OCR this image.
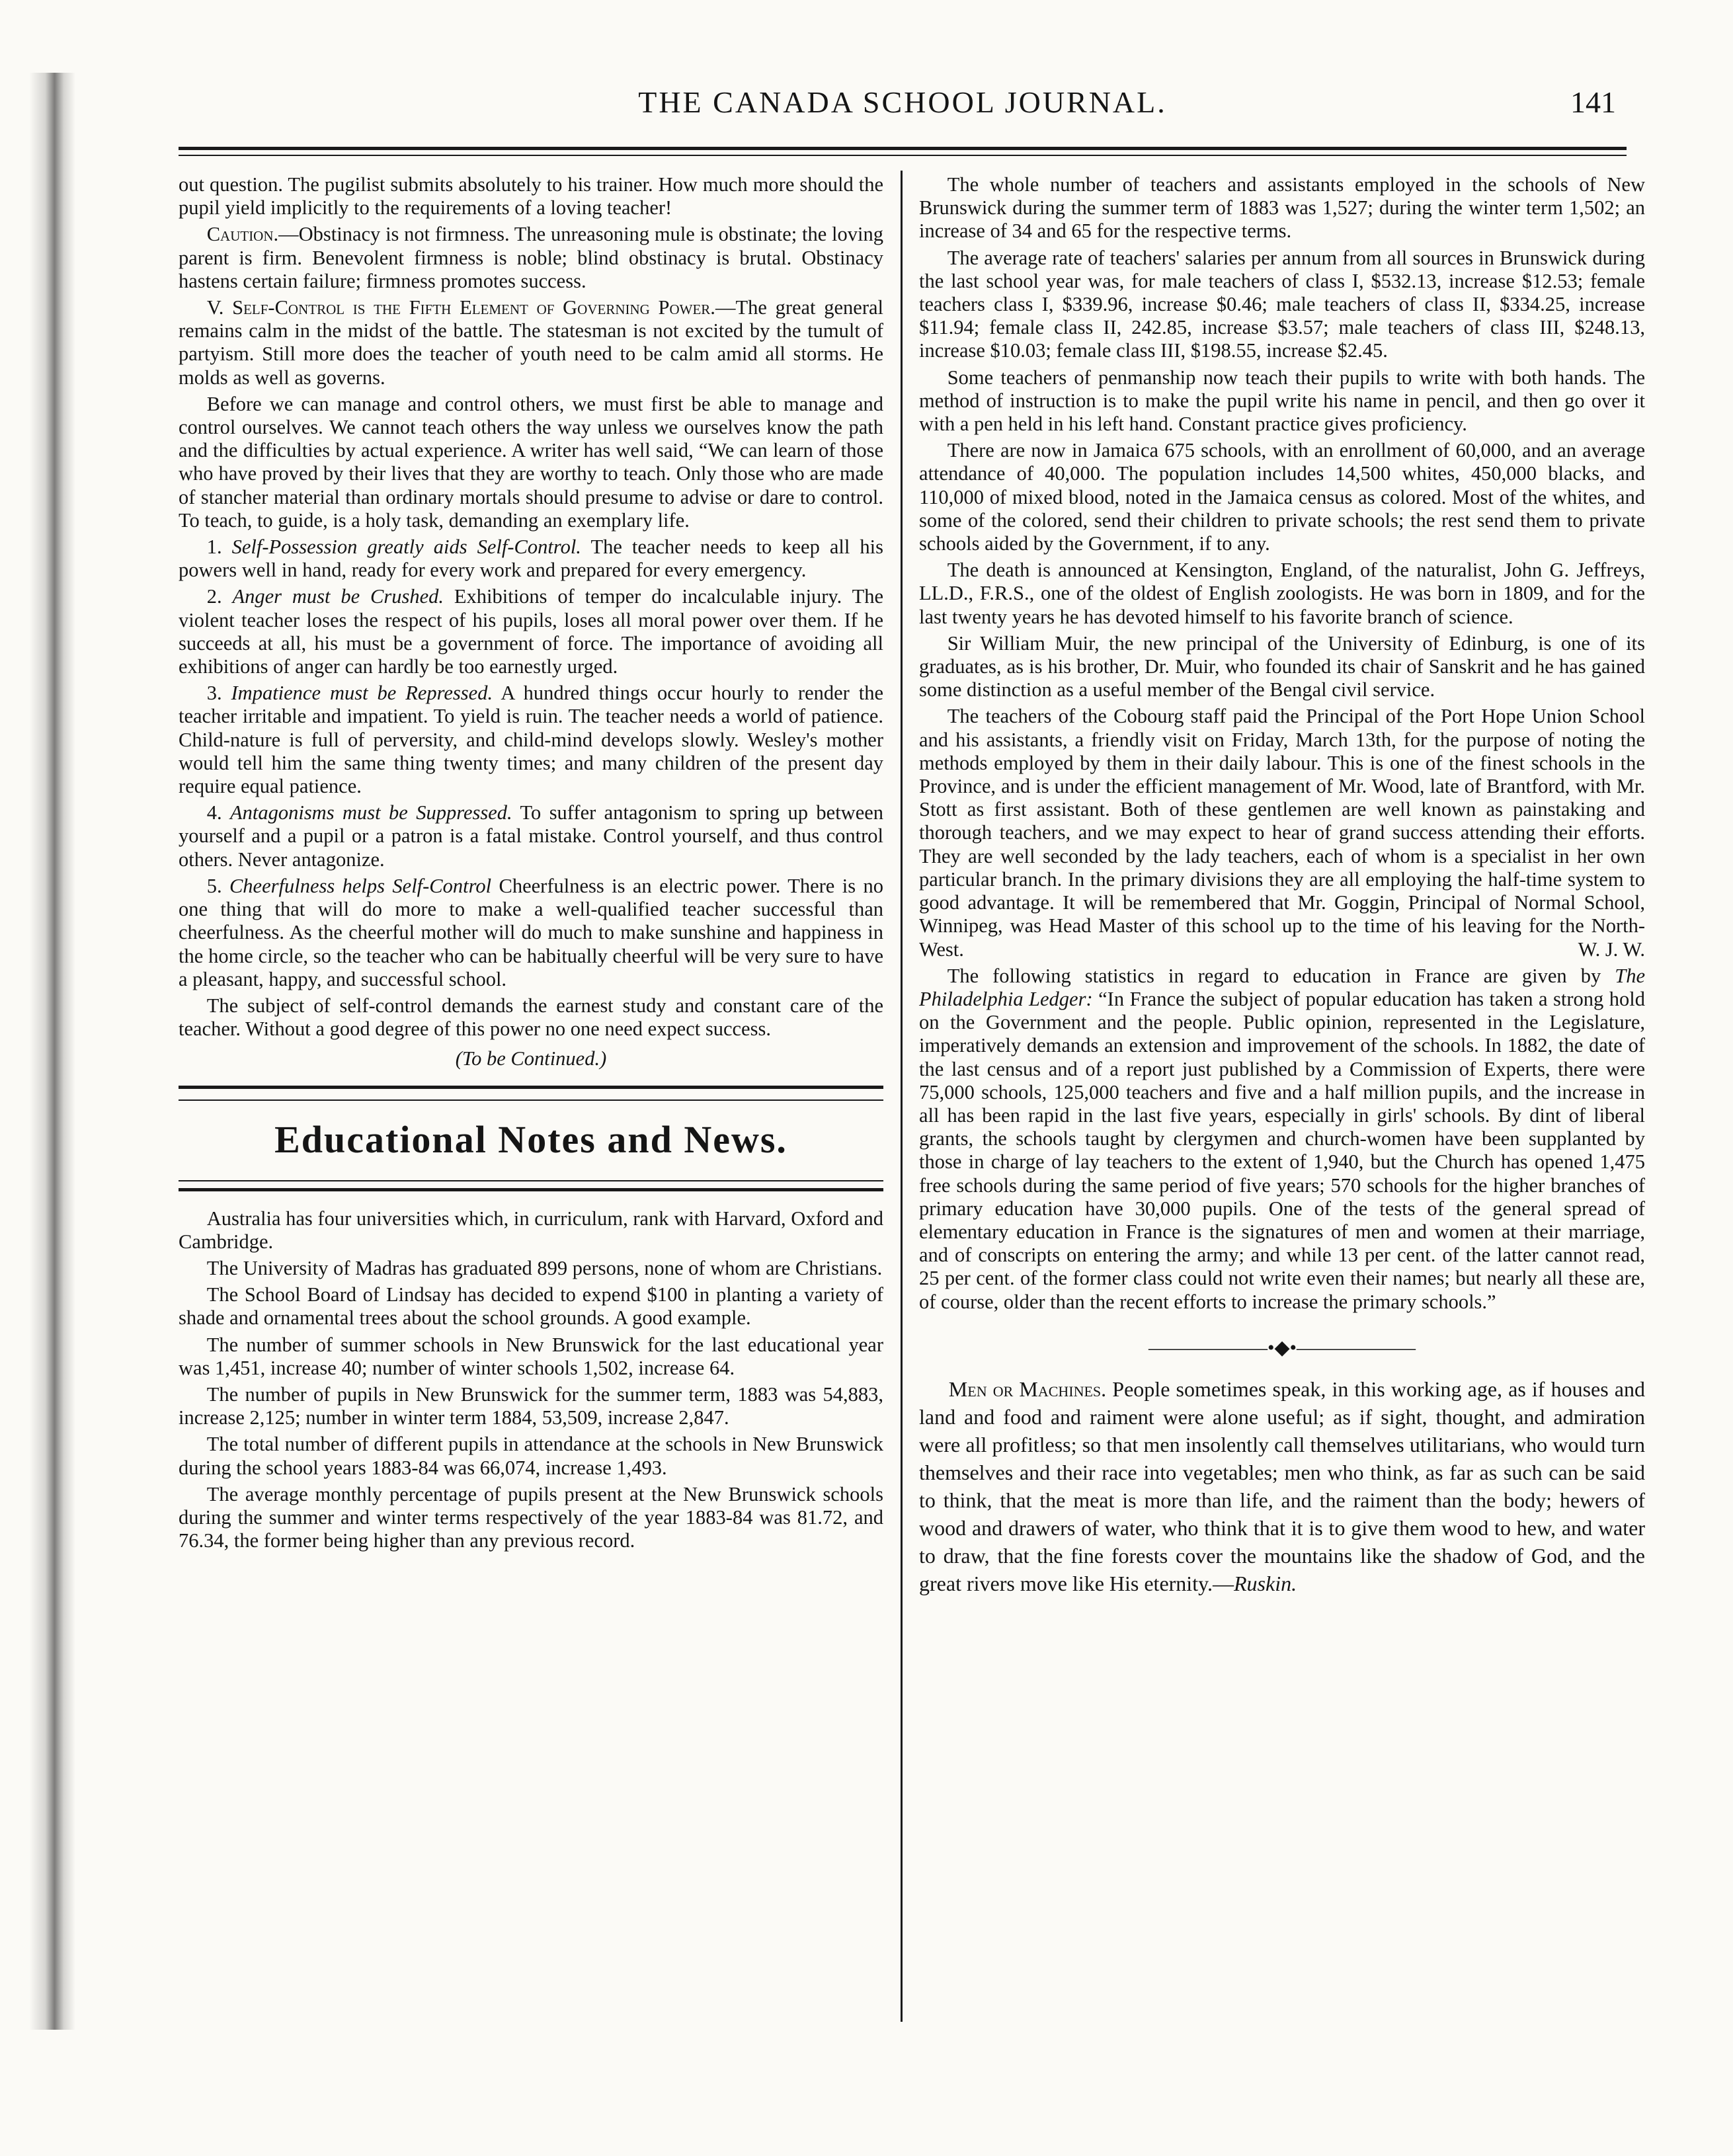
THE CANADA SCHOOL JOURNAL.	141

out question. The pugilist submits absolutely to his trainer. How much more should the pupil yield implicitly to the requirements of a loving teacher!

Caution.—Obstinacy is not firmness. The unreasoning mule is obstinate; the loving parent is firm. Benevolent firmness is noble; blind obstinacy is brutal. Obstinacy hastens certain failure; firmness promotes success.

V. Self-Control is the Fifth Element of Governing Power.—The great general remains calm in the midst of the battle. The statesman is not excited by the tumult of partyism. Still more does the teacher of youth need to be calm amid all storms. He molds as well as governs.

Before we can manage and control others, we must first be able to manage and control ourselves. We cannot teach others the way unless we ourselves know the path and the difficulties by actual experience. A writer has well said, “We can learn of those who have proved by their lives that they are worthy to teach. Only those who are made of stancher material than ordinary mortals should presume to advise or dare to control. To teach, to guide, is a holy task, demanding an exemplary life.

1. Self-Possession greatly aids Self-Control. The teacher needs to keep all his powers well in hand, ready for every work and prepared for every emergency.

2. Anger must be Crushed. Exhibitions of temper do incalculable injury. The violent teacher loses the respect of his pupils, loses all moral power over them. If he succeeds at all, his must be a government of force. The importance of avoiding all exhibitions of anger can hardly be too earnestly urged.

3. Impatience must be Repressed. A hundred things occur hourly to render the teacher irritable and impatient. To yield is ruin. The teacher needs a world of patience. Child-nature is full of perversity, and child-mind develops slowly. Wesley's mother would tell him the same thing twenty times; and many children of the present day require equal patience.

4. Antagonisms must be Suppressed. To suffer antagonism to spring up between yourself and a pupil or a patron is a fatal mistake. Control yourself, and thus control others. Never antagonize.

5. Cheerfulness helps Self-Control Cheerfulness is an electric power. There is no one thing that will do more to make a well-qualified teacher successful than cheerfulness. As the cheerful mother will do much to make sunshine and happiness in the home circle, so the teacher who can be habitually cheerful will be very sure to have a pleasant, happy, and successful school.

The subject of self-control demands the earnest study and constant care of the teacher. Without a good degree of this power no one need expect success.

(To be Continued.)

Educational Notes and News.

Australia has four universities which, in curriculum, rank with Harvard, Oxford and Cambridge.

The University of Madras has graduated 899 persons, none of whom are Christians.

The School Board of Lindsay has decided to expend $100 in planting a variety of shade and ornamental trees about the school grounds. A good example.

The number of summer schools in New Brunswick for the last educational year was 1,451, increase 40; number of winter schools 1,502, increase 64.

The number of pupils in New Brunswick for the summer term, 1883 was 54,883, increase 2,125; number in winter term 1884, 53,509, increase 2,847.

The total number of different pupils in attendance at the schools in New Brunswick during the school years 1883-84 was 66,074, increase 1,493.

The average monthly percentage of pupils present at the New Brunswick schools during the summer and winter terms respectively of the year 1883-84 was 81.72, and 76.34, the former being higher than any previous record.

The whole number of teachers and assistants employed in the schools of New Brunswick during the summer term of 1883 was 1,527; during the winter term 1,502; an increase of 34 and 65 for the respective terms.

The average rate of teachers' salaries per annum from all sources in Brunswick during the last school year was, for male teachers of class I, $532.13, increase $12.53; female teachers class I, $339.96, increase $0.46; male teachers of class II, $334.25, increase $11.94; female class II, 242.85, increase $3.57; male teachers of class III, $248.13, increase $10.03; female class III, $198.55, increase $2.45.

Some teachers of penmanship now teach their pupils to write with both hands. The method of instruction is to make the pupil write his name in pencil, and then go over it with a pen held in his left hand. Constant practice gives proficiency.

There are now in Jamaica 675 schools, with an enrollment of 60,000, and an average attendance of 40,000. The population includes 14,500 whites, 450,000 blacks, and 110,000 of mixed blood, noted in the Jamaica census as colored. Most of the whites, and some of the colored, send their children to private schools; the rest send them to private schools aided by the Government, if to any.

The death is announced at Kensington, England, of the naturalist, John G. Jeffreys, LL.D., F.R.S., one of the oldest of English zoologists. He was born in 1809, and for the last twenty years he has devoted himself to his favorite branch of science.

Sir William Muir, the new principal of the University of Edinburg, is one of its graduates, as is his brother, Dr. Muir, who founded its chair of Sanskrit and he has gained some distinction as a useful member of the Bengal civil service.

The teachers of the Cobourg staff paid the Principal of the Port Hope Union School and his assistants, a friendly visit on Friday, March 13th, for the purpose of noting the methods employed by them in their daily labour. This is one of the finest schools in the Province, and is under the efficient management of Mr. Wood, late of Brantford, with Mr. Stott as first assistant. Both of these gentlemen are well known as painstaking and thorough teachers, and we may expect to hear of grand success attending their efforts. They are well seconded by the lady teachers, each of whom is a specialist in her own particular branch. In the primary divisions they are all employing the half-time system to good advantage. It will be remembered that Mr. Goggin, Principal of Normal School, Winnipeg, was Head Master of this school up to the time of his leaving for the North-West.	W. J. W.

The following statistics in regard to education in France are given by The Philadelphia Ledger: “In France the subject of popular education has taken a strong hold on the Government and the people. Public opinion, represented in the Legislature, imperatively demands an extension and improvement of the schools. In 1882, the date of the last census and of a report just published by a Commission of Experts, there were 75,000 schools, 125,000 teachers and five and a half million pupils, and the increase in all has been rapid in the last five years, especially in girls' schools. By dint of liberal grants, the schools taught by clergymen and church-women have been supplanted by those in charge of lay teachers to the extent of 1,940, but the Church has opened 1,475 free schools during the same period of five years; 570 schools for the higher branches of primary education have 30,000 pupils. One of the tests of the general spread of elementary education in France is the signatures of men and women at their marriage, and of conscripts on entering the army; and while 13 per cent. of the latter cannot read, 25 per cent. of the former class could not write even their names; but nearly all these are, of course, older than the recent efforts to increase the primary schools.”

——————•◆•——————

Men or Machines. People sometimes speak, in this working age, as if houses and land and food and raiment were alone useful; as if sight, thought, and admiration were all profitless; so that men insolently call themselves utilitarians, who would turn themselves and their race into vegetables; men who think, as far as such can be said to think, that the meat is more than life, and the raiment than the body; hewers of wood and drawers of water, who think that it is to give them wood to hew, and water to draw, that the fine forests cover the mountains like the shadow of God, and the great rivers move like His eternity.—Ruskin.
